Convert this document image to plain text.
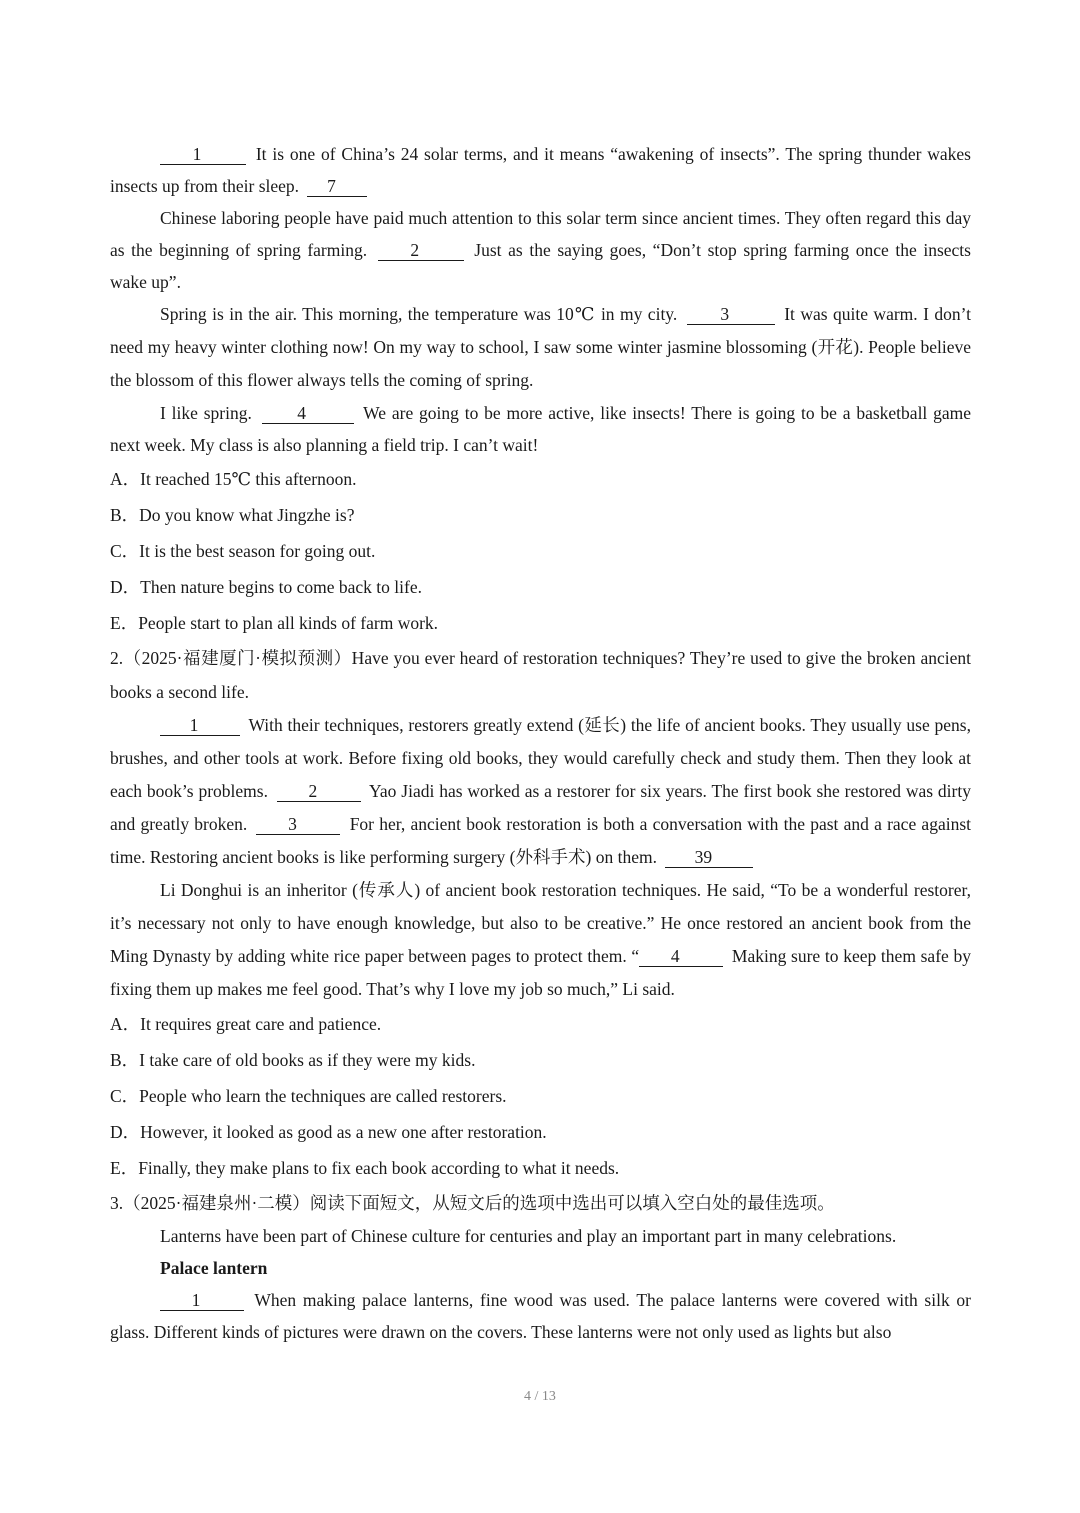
1	It is one of China’s 24 solar terms, and it means “awakening of insects”. The spring thunder wakes insects up from their sleep. 7

Chinese laboring people have paid much attention to this solar term since ancient times. They often regard this day as the beginning of spring farming. 2	Just as the saying goes, “Don’t stop spring farming once the insects wake up”.

Spring is in the air. This morning, the temperature was 10℃ in my city. 3	It was quite warm. I don’t need my heavy winter clothing now! On my way to school, I saw some winter jasmine blossoming (开花). People believe the blossom of this flower always tells the coming of spring.

I like spring.	4	We are going to be more active, like insects! There is going to be a basketball game next week. My class is also planning a field trip. I can’t wait!

A．It reached 15℃ this afternoon.

B．Do you know what Jingzhe is?

C．It is the best season for going out.

D．Then nature begins to come back to life.

E．People start to plan all kinds of farm work.

2.（2025·福建厦门·模拟预测）Have you ever heard of restoration techniques? They’re used to give the broken ancient books a second life.

1	With their techniques, restorers greatly extend (延长) the life of ancient books. They usually use pens, brushes, and other tools at work. Before fixing old books, they would carefully check and study them. Then they look at each book’s problems. 2	Yao Jiadi has worked as a restorer for six years. The first book she restored was dirty and greatly broken. 3	For her, ancient book restoration is both a conversation with the past and a race against time. Restoring ancient books is like performing surgery (外科手术) on them. 39

Li Donghui is an inheritor (传承人) of ancient book restoration techniques. He said, “To be a wonderful restorer, it’s necessary not only to have enough knowledge, but also to be creative.” He once restored an ancient book from the Ming Dynasty by adding white rice paper between pages to protect them. “ 4	Making sure to keep them safe by fixing them up makes me feel good. That’s why I love my job so much,” Li said.

A．It requires great care and patience.

B．I take care of old books as if they were my kids.

C．People who learn the techniques are called restorers.

D．However, it looked as good as a new one after restoration.

E．Finally, they make plans to fix each book according to what it needs.

3.（2025·福建泉州·二模）阅读下面短文，从短文后的选项中选出可以填入空白处的最佳选项。

Lanterns have been part of Chinese culture for centuries and play an important part in many celebrations.

Palace lantern

1	When making palace lanterns, fine wood was used. The palace lanterns were covered with silk or glass. Different kinds of pictures were drawn on the covers. These lanterns were not only used as lights but also

4 / 13
